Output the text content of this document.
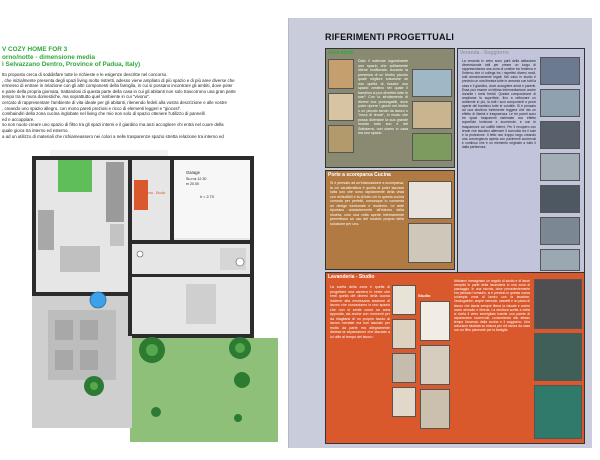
V COZY HOME FOR 3
orno/notte - dimensione media
i Selvazzano Dentro, Province of Padua, Italy)

tto proposto cerca di soddisfare tutte le richieste e le esigenze descritte nel concorso.

, che inizialmente presenta degli spazi living molto ristretti, adesso viene ampliato di più spazio e di più aree diverse che

ermesso di entrare in relazione con gli altri componenti della famiglia, in cui si possano incontrare gli ambiti, dove poter

e parte della propria giornata, trattandosi di questa parte della casa in cui gli abitanti non solo trascorrono una gran parte

tempo tra le mura domestiche, ma soprattutto quel 'ambiente in cui "vivono".

cercato di rappresentare l'ambiente di vita ideale per gli abitanti, ritenendo fedeli alla vostra descrizione e alle vostre

, creando uno spazio allegro, con mono pareti preziosi e ricco di elementi leggeri e "giocosi".

combaindiri della zona cucina inglobate nel living che mio non solo di spazio ottenere l'utilizzo di pannelli

ed e accoppiare.

so non nuoto creare uno spazio di filtro tra gli spazi interni e il giardino ma anzi accogliere chi entra nel cuore della

quale gioca tra interno ed esterno.

a ad un utilizzo di materiali che richiameassero nei colori a nelle trasparenze spazio stretta relazione tra interno ed

Garage
Su.rnz 12.30
m 20.00
h = 2.70
Lavanderia - Studio
RIFERIMENTI PROGETTUALI
Area bimbi
Dato il notevole ingombrante uno spazio che solitamente ritiene inutilizzato. Accanto la presenza di un bimbo piccolo quale migliore soluzione se non quella di riuscire uno spazio creativo nel quale il bambino si può divertire tutte le sue? Con lo sfruttamento di diversi box prolungabili, dove poter riporre i giochi nel bimbo o un piccolo tavolo da lavoro o "mura di tende", in modo che possa diventare la sua grande mondo tutto suo e del Sottoterra, non siamo in casa ma uno spazio.
Veranda - Soggiorno
La veranda in vetro sono parti della abitazione dimensionale tutti per creare un luogo di rappresentanza una zona di confine tra l'esterno e l'interno che vi collega tra i rispettivi diversi modi, tutti armonicamente legati. Nel caso in studio è previsto un una finestra tutte in armonia con tutti la casa e il giardino, dove accogliere amici e parenti. Essa può essere un'ottima intermediazione anche durante i mesi freddi. Questa composizione di ampliarne la superficie, fino a rafforzare un ambiente in più, la tutti i suoi componenti e pezzi aperte del bambino tutte le volubile. Si è pensato ad una struttura fortemente leggera che dia un effetto di libertà e trasparenza. Le tre pareti sono tre spazi trasparenti sistemate con effetto superficie luminose e scorrevole, e con le trasparenze coi soffitti interni. Per il recupero con tende che lasciano alternare il connubio tra il sole e la protezione. Il tetto non troppo largo creando una convergenza aperta con pavimenti scorrevoli e continuo che è un elemento originale a tutto il dalla pertinenza.
Porte a scomparsa Cucina
Si è pensato ad un'elaborazione a scomparsa, la cui caratteristica è quella di poter lasciare tutta uno che sono rapidamente della vista con richiudibili e fa di tutto ciò in questa cucina comoda per perfetti, comunque lo consenta un design funzionale e moderno. Le ante riportano costantemente all'interno della nicchia, così una volta aperte internamente permettono un uso del modulo proprio della soluzione per uno.
Lavanderia - Studio
Studio
La scelta della zona è quella di progettare una camera in veste che resti quella dei diversi della cucina insieme alla necessaria stazione di lavoro che conosciamo in uno spazio che non si sente come un area apposita, sia anche con momenti per da ritagliarsi di un proprio tavolo di lavoro mentale ma non lasciato per molto da parte ma allegramente distesa la separazione che lasciato a lui utile al tempo del lavoro.
Abbiamo immaginato un angolo di studio e di lavori semplici in parte della lavanderia in una zona di passaggio. In una nicchia, dove precedentemente era pensato l'armadio, si è previsto in questa nuova un'ampia zona di lavoro con la lavatrice, l'asciugatrice, ampie mensole, cassetti e un piano di lavoro che lascia sempre libera la visuale e anche come armadio e libreria. La struttura scelta a metà si rivela il vetro smerigliato tramite una parete di separazione scorrevole, consentendo allo stesso tempo l'accesso dalla cucina e il soggiorno. Una soluzione studiata su misura per chi lavora da casa con un filtro piacevole per la famiglia.
